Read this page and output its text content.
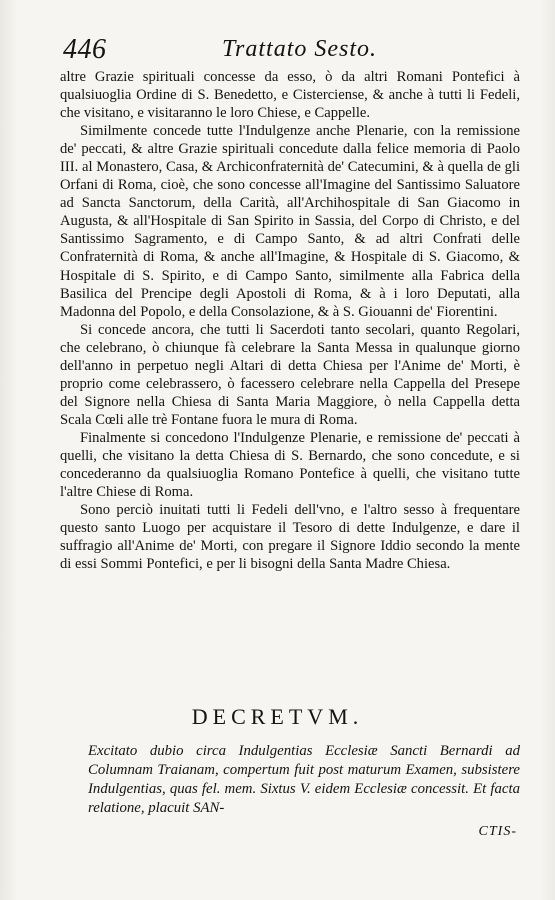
446	Trattato Sesto.

altre Grazie spirituali concesse da esso, ò da altri Romani Pontefici à qualsiuoglia Ordine di S. Benedetto, e Cisterciense, & anche à tutti li Fedeli, che visitano, e visitaranno le loro Chiese, e Cappelle.

Similmente concede tutte l'Indulgenze anche Plenarie, con la remissione de' peccati, & altre Grazie spirituali concedute dalla felice memoria di Paolo III. al Monastero, Casa, & Archiconfraternità de' Catecumini, & à quella de gli Orfani di Roma, cioè, che sono concesse all'Imagine del Santissimo Saluatore ad Sancta Sanctorum, della Carità, all'Archihospitale di San Giacomo in Augusta, & all'Hospitale di San Spirito in Sassia, del Corpo di Christo, e del Santissimo Sagramento, e di Campo Santo, & ad altri Confrati delle Confraternità di Roma, & anche all'Imagine, & Hospitale di S. Giacomo, & Hospitale di S. Spirito, e di Campo Santo, similmente alla Fabrica della Basilica del Prencipe degli Apostoli di Roma, & à i loro Deputati, alla Madonna del Popolo, e della Consolazione, & à S. Giouanni de' Fiorentini.

Si concede ancora, che tutti li Sacerdoti tanto secolari, quanto Regolari, che celebrano, ò chiunque fà celebrare la Santa Messa in qualunque giorno dell'anno in perpetuo negli Altari di detta Chiesa per l'Anime de' Morti, è proprio come celebrassero, ò facessero celebrare nella Cappella del Presepe del Signore nella Chiesa di Santa Maria Maggiore, ò nella Cappella detta Scala Cœli alle trè Fontane fuora le mura di Roma.

Finalmente si concedono l'Indulgenze Plenarie, e remissione de' peccati à quelli, che visitano la detta Chiesa di S. Bernardo, che sono concedute, e si concederanno da qualsiuoglia Romano Pontefice à quelli, che visitano tutte l'altre Chiese di Roma.

Sono perciò inuitati tutti li Fedeli dell'vno, e l'altro sesso à frequentare questo santo Luogo per acquistare il Tesoro di dette Indulgenze, e dare il suffragio all'Anime de' Morti, con pregare il Signore Iddio secondo la mente di essi Sommi Pontefici, e per li bisogni della Santa Madre Chiesa.

DECRETVM.
Excitato dubio circa Indulgentias Ecclesiæ Sancti Bernardi ad Columnam Traianam, compertum fuit post maturum Examen, subsistere Indulgentias, quas fel. mem. Sixtus V. eidem Ecclesiæ concessit. Et facta relatione, placuit SAN-
CTIS-
